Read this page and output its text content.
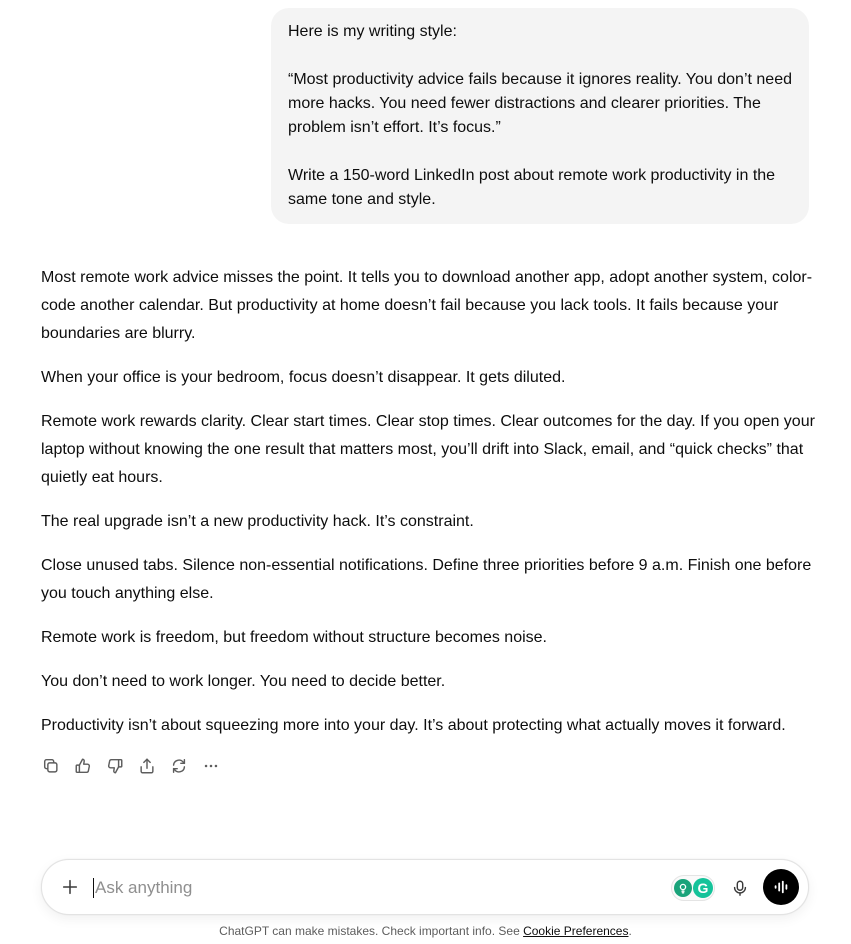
Here is my writing style:

“Most productivity advice fails because it ignores reality. You don’t need more hacks. You need fewer distractions and clearer priorities. The problem isn’t effort. It’s focus.”

Write a 150-word LinkedIn post about remote work productivity in the same tone and style.

Most remote work advice misses the point. It tells you to download another app, adopt another system, color-code another calendar. But productivity at home doesn’t fail because you lack tools. It fails because your boundaries are blurry.

When your office is your bedroom, focus doesn’t disappear. It gets diluted.

Remote work rewards clarity. Clear start times. Clear stop times. Clear outcomes for the day. If you open your laptop without knowing the one result that matters most, you’ll drift into Slack, email, and “quick checks” that quietly eat hours.

The real upgrade isn’t a new productivity hack. It’s constraint.

Close unused tabs. Silence non-essential notifications. Define three priorities before 9 a.m. Finish one before you touch anything else.

Remote work is freedom, but freedom without structure becomes noise.

You don’t need to work longer. You need to decide better.

Productivity isn’t about squeezing more into your day. It’s about protecting what actually moves it forward.

Ask anything	G
ChatGPT can make mistakes. Check important info. See Cookie Preferences.
